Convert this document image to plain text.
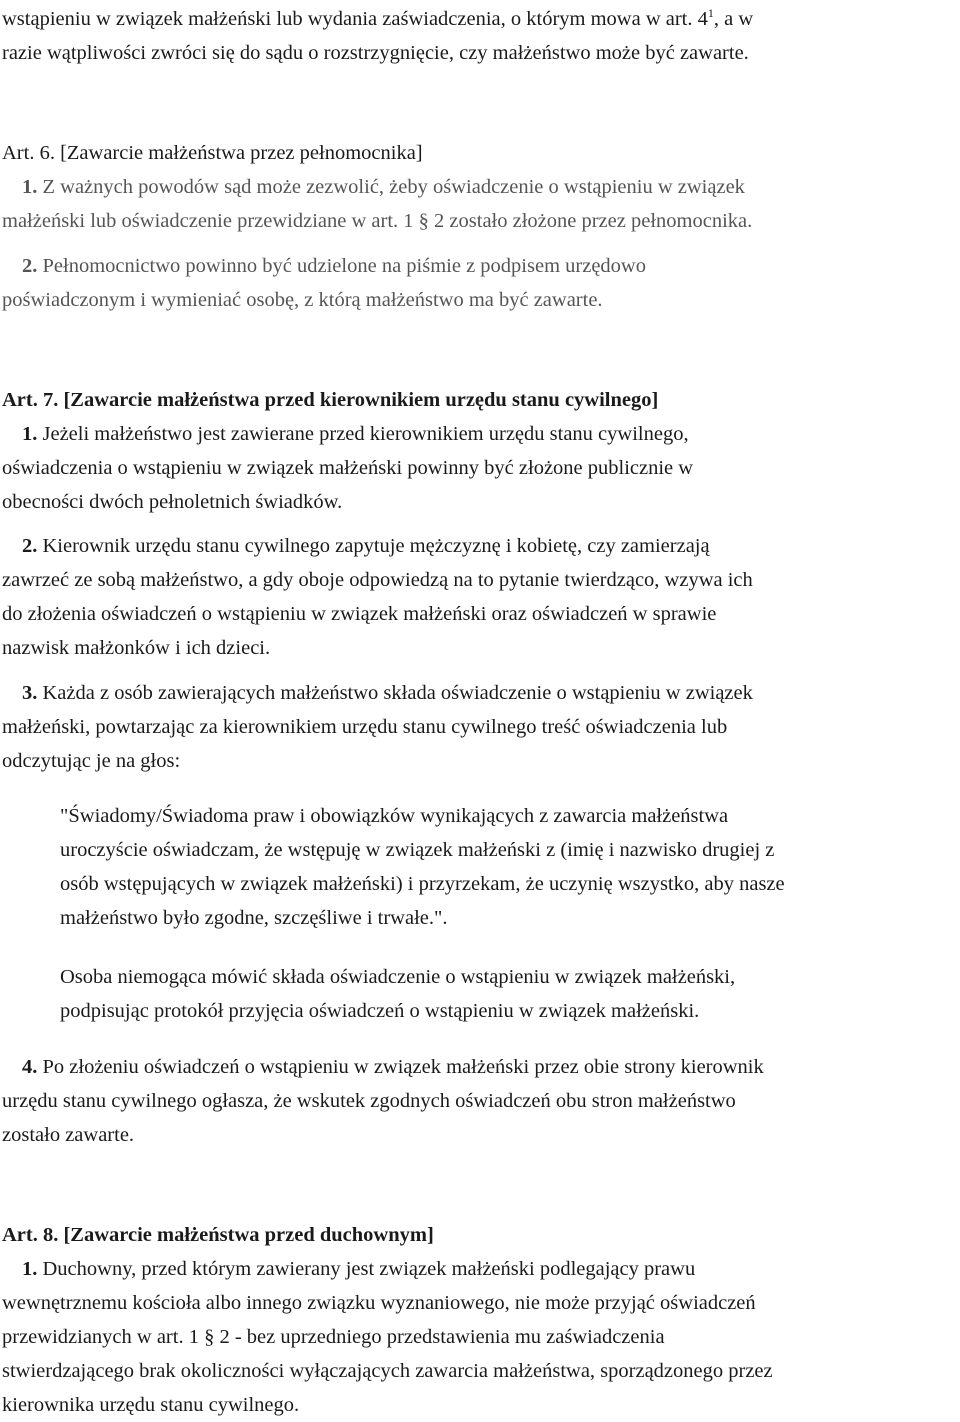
wstąpieniu w związek małżeński lub wydania zaświadczenia, o którym mowa w art. $4^1$, a w
razie wątpliwości zwróci się do sądu o rozstrzygnięcie, czy małżeństwo może być zawarte.
Art. 6. [Zawarcie małżeństwa przez pełnomocnika]
1. Z ważnych powodów sąd może zezwolić, żeby oświadczenie o wstąpieniu w związek
małżeński lub oświadczenie przewidziane w art. 1 § 2 zostało złożone przez pełnomocnika.
2. Pełnomocnictwo powinno być udzielone na piśmie z podpisem urzędowo
poświadczonym i wymieniać osobę, z którą małżeństwo ma być zawarte.
Art. 7. [Zawarcie małżeństwa przed kierownikiem urzędu stanu cywilnego]
1. Jeżeli małżeństwo jest zawierane przed kierownikiem urzędu stanu cywilnego,
oświadczenia o wstąpieniu w związek małżeński powinny być złożone publicznie w
obecności dwóch pełnoletnich świadków.
2. Kierownik urzędu stanu cywilnego zapytuje mężczyznę i kobietę, czy zamierzają
zawrzeć ze sobą małżeństwo, a gdy oboje odpowiedzą na to pytanie twierdząco, wzywa ich
do złożenia oświadczeń o wstąpieniu w związek małżeński oraz oświadczeń w sprawie
nazwisk małżonków i ich dzieci.
3. Każda z osób zawierających małżeństwo składa oświadczenie o wstąpieniu w związek
małżeński, powtarzając za kierownikiem urzędu stanu cywilnego treść oświadczenia lub
odczytując je na głos:
"Świadomy/Świadoma praw i obowiązków wynikających z zawarcia małżeństwa
uroczyście oświadczam, że wstępuję w związek małżeński z (imię i nazwisko drugiej z
osób wstępujących w związek małżeński) i przyrzekam, że uczynię wszystko, aby nasze
małżeństwo było zgodne, szczęśliwe i trwałe.".
Osoba niemogąca mówić składa oświadczenie o wstąpieniu w związek małżeński,
podpisując protokół przyjęcia oświadczeń o wstąpieniu w związek małżeński.
4. Po złożeniu oświadczeń o wstąpieniu w związek małżeński przez obie strony kierownik
urzędu stanu cywilnego ogłasza, że wskutek zgodnych oświadczeń obu stron małżeństwo
zostało zawarte.
Art. 8. [Zawarcie małżeństwa przed duchownym]
1. Duchowny, przed którym zawierany jest związek małżeński podlegający prawu
wewnętrznemu kościoła albo innego związku wyznaniowego, nie może przyjąć oświadczeń
przewidzianych w art. 1 § 2 - bez uprzedniego przedstawienia mu zaświadczenia
stwierdzającego brak okoliczności wyłączających zawarcia małżeństwa, sporządzonego przez
kierownika urzędu stanu cywilnego.
